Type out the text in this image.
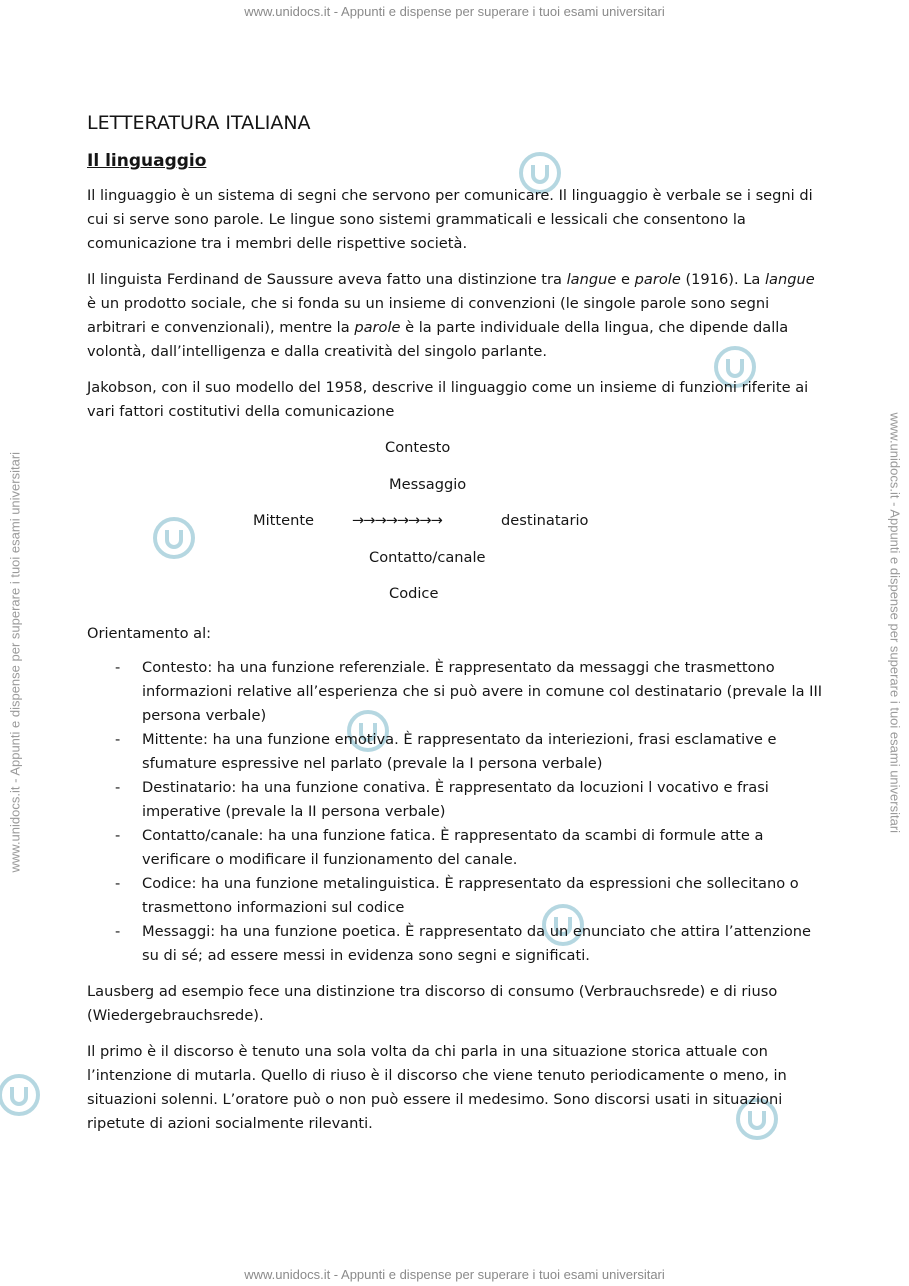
www.unidocs.it - Appunti e dispense per superare i tuoi esami universitari
www.unidocs.it - Appunti e dispense per superare i tuoi esami universitari
www.unidocs.it - Appunti e dispense per superare i tuoi esami universitari	www.unidocs.it - Appunti e dispense per superare i tuoi esami universitari
LETTERATURA ITALIANA
Il linguaggio

Il linguaggio è un sistema di segni che servono per comunicare. Il linguaggio è verbale se i segni di cui si serve sono parole. Le lingue sono sistemi grammaticali e lessicali che consentono la comunicazione tra i membri delle rispettive società.

Il linguista Ferdinand de Saussure aveva fatto una distinzione tra langue e parole (1916). La langue è un prodotto sociale, che si fonda su un insieme di convenzioni (le singole parole sono segni arbitrari e convenzionali), mentre la parole è la parte individuale della lingua, che dipende dalla volontà, dall’intelligenza e dalla creatività del singolo parlante.

Jakobson, con il suo modello del 1958, descrive il linguaggio come un insieme di funzioni riferite ai vari fattori costitutivi della comunicazione

Contesto
Messaggio
Mittente	→→→→→→→→	destinatario
Contatto/canale
Codice

Orientamento al:

- Contesto: ha una funzione referenziale. È rappresentato da messaggi che trasmettono informazioni relative all’esperienza che si può avere in comune col destinatario (prevale la III persona verbale)
- Mittente: ha una funzione emotiva. È rappresentato da interiezioni, frasi esclamative e sfumature espressive nel parlato (prevale la I persona verbale)
- Destinatario: ha una funzione conativa. È rappresentato da locuzioni l vocativo e frasi imperative (prevale la II persona verbale)
- Contatto/canale: ha una funzione fatica. È rappresentato da scambi di formule atte a verificare o modificare il funzionamento del canale.
- Codice: ha una funzione metalinguistica. È rappresentato da espressioni che sollecitano o trasmettono informazioni sul codice
- Messaggi: ha una funzione poetica. È rappresentato da un enunciato che attira l’attenzione su di sé; ad essere messi in evidenza sono segni e significati.

Lausberg ad esempio fece una distinzione tra discorso di consumo (Verbrauchsrede) e di riuso (Wiedergebrauchsrede).

Il primo è il discorso è tenuto una sola volta da chi parla in una situazione storica attuale con l’intenzione di mutarla. Quello di riuso è il discorso che viene tenuto periodicamente o meno, in situazioni solenni. L’oratore può o non può essere il medesimo. Sono discorsi usati in situazioni ripetute di azioni socialmente rilevanti.
